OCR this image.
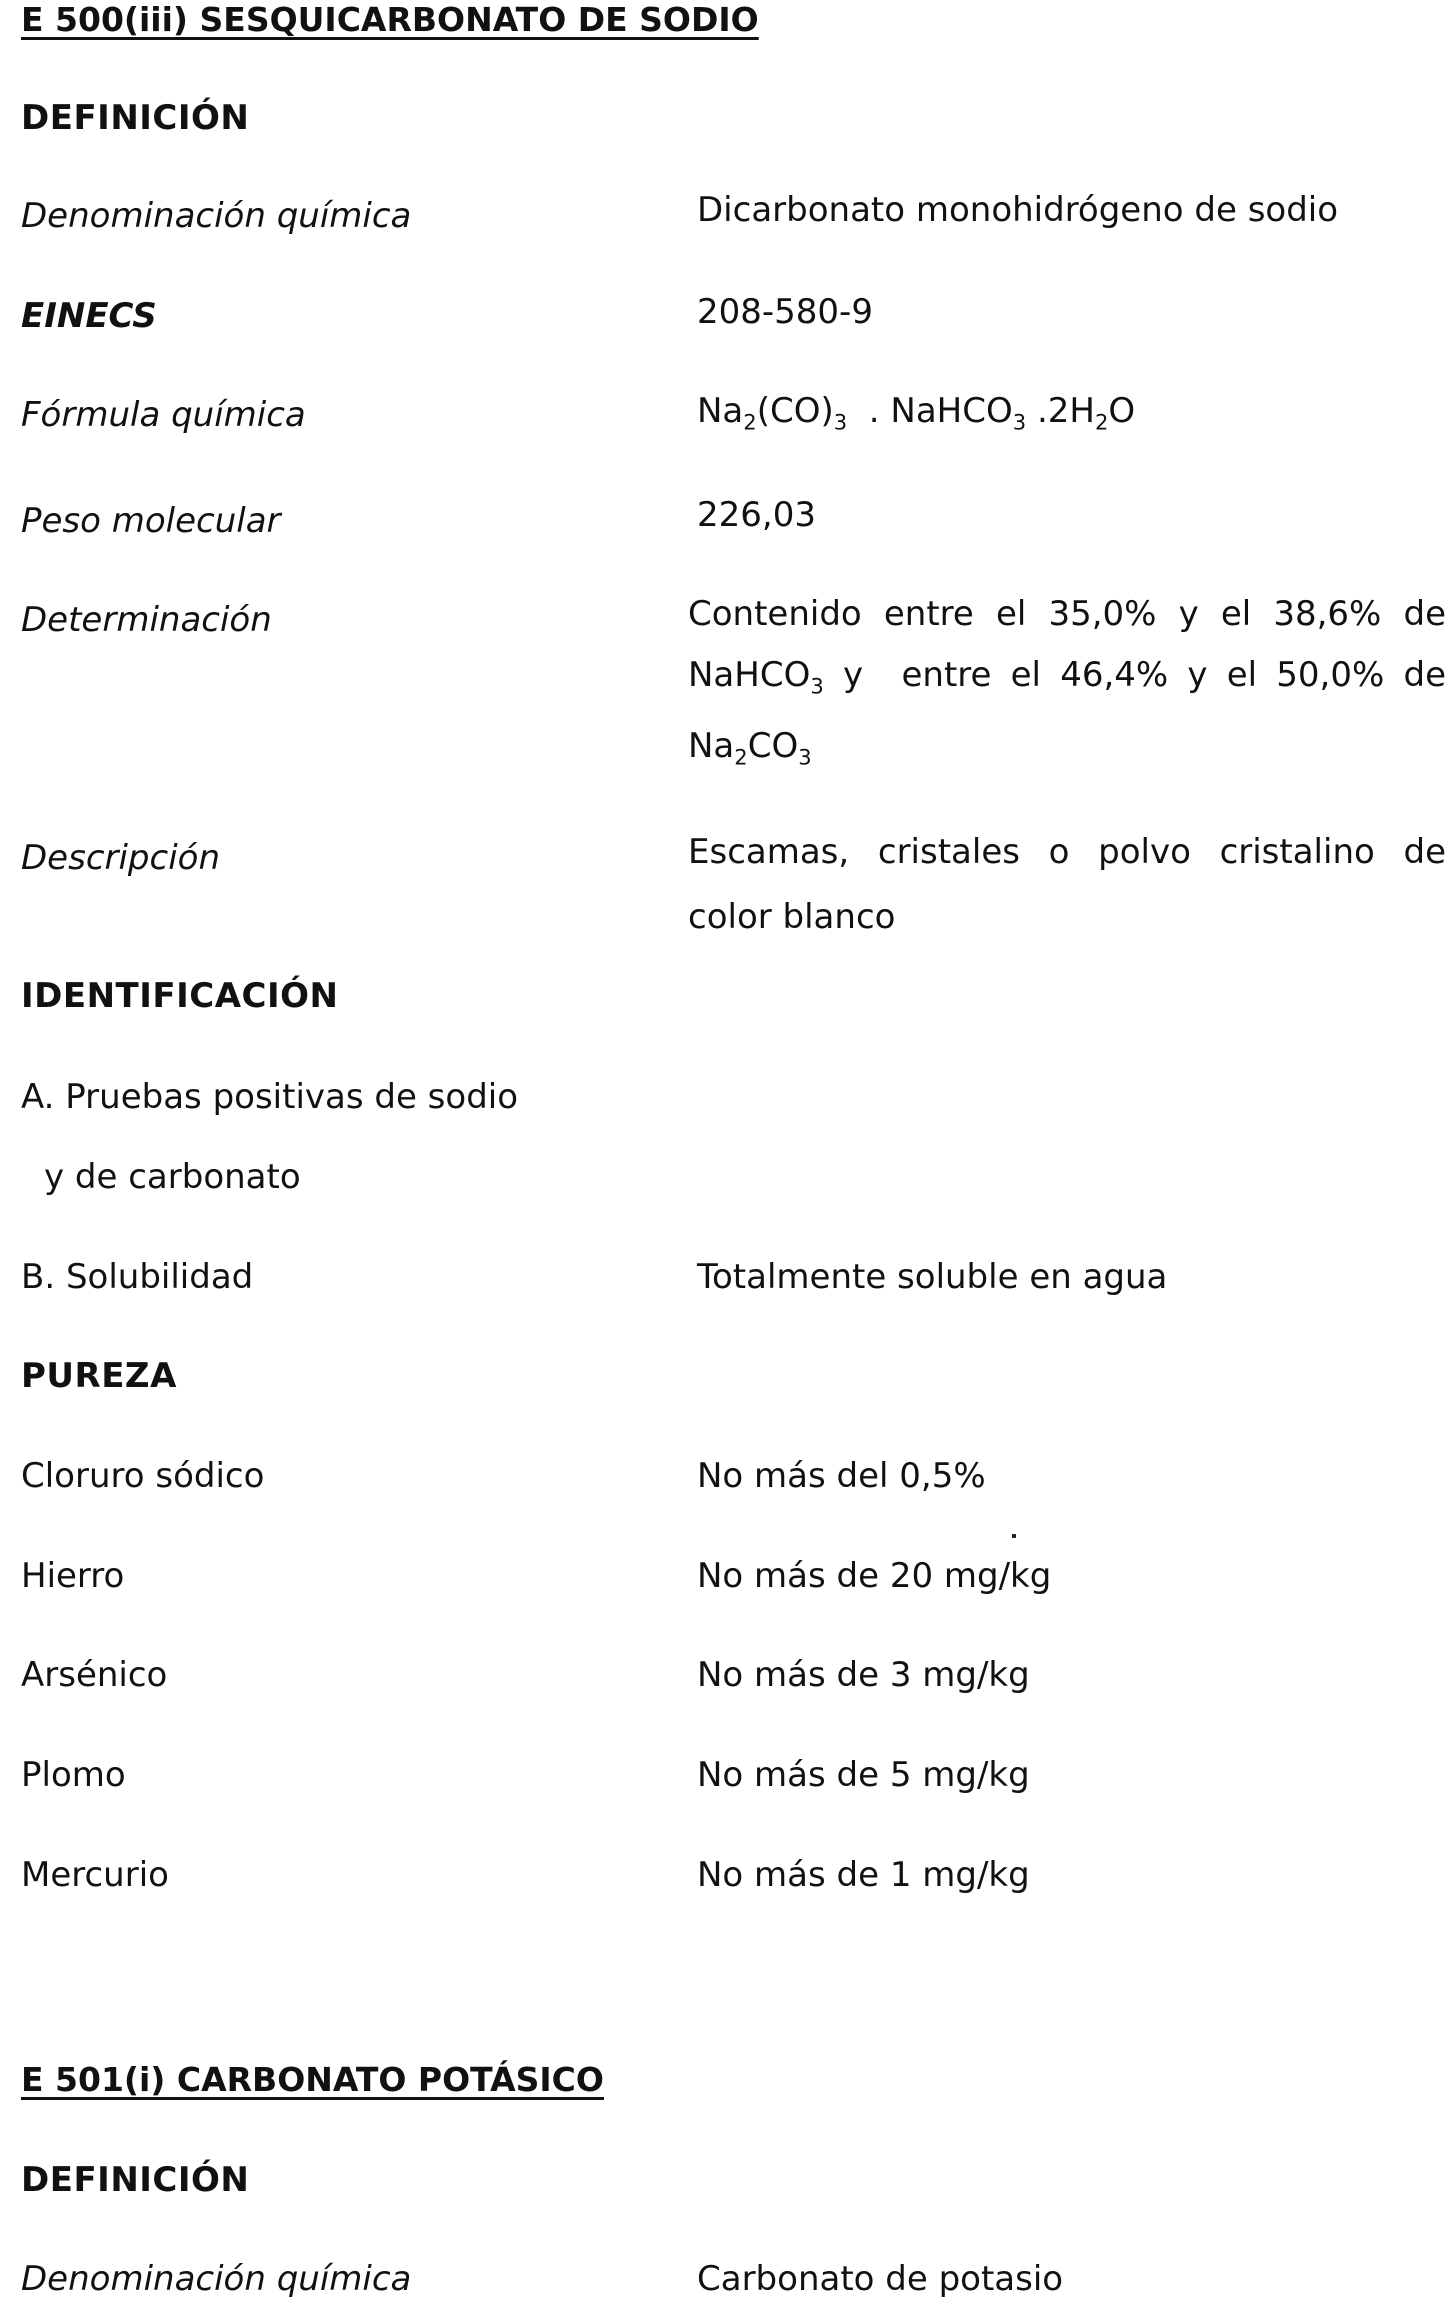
E 500(iii) SESQUICARBONATO DE SODIO
DEFINICIÓN
Denominación química	Dicarbonato monohidrógeno de sodio
EINECS	208-580-9
Fórmula química	$Na_2(CO)_3$ . NaHCO$_3$ $.2H_2O$
Peso molecular	226,03
Determinación	Contenido entre el 35,0% y el 38,6% de
NaHCO$_3$ y  entre el 46,4% y el 50,0% de
$Na_2CO_3$
Descripción	Escamas, cristales o polvo cristalino de
color blanco
IDENTIFICACIÓN
A. Pruebas positivas de sodio
y de carbonato
B. Solubilidad	Totalmente soluble en agua
PUREZA
Cloruro sódico	No más del 0,5%
Hierro	No más de 20 mg/kg
Arsénico	No más de 3 mg/kg
Plomo	No más de 5 mg/kg
Mercurio	No más de 1 mg/kg
E 501(i) CARBONATO POTÁSICO
DEFINICIÓN
Denominación química	Carbonato de potasio
